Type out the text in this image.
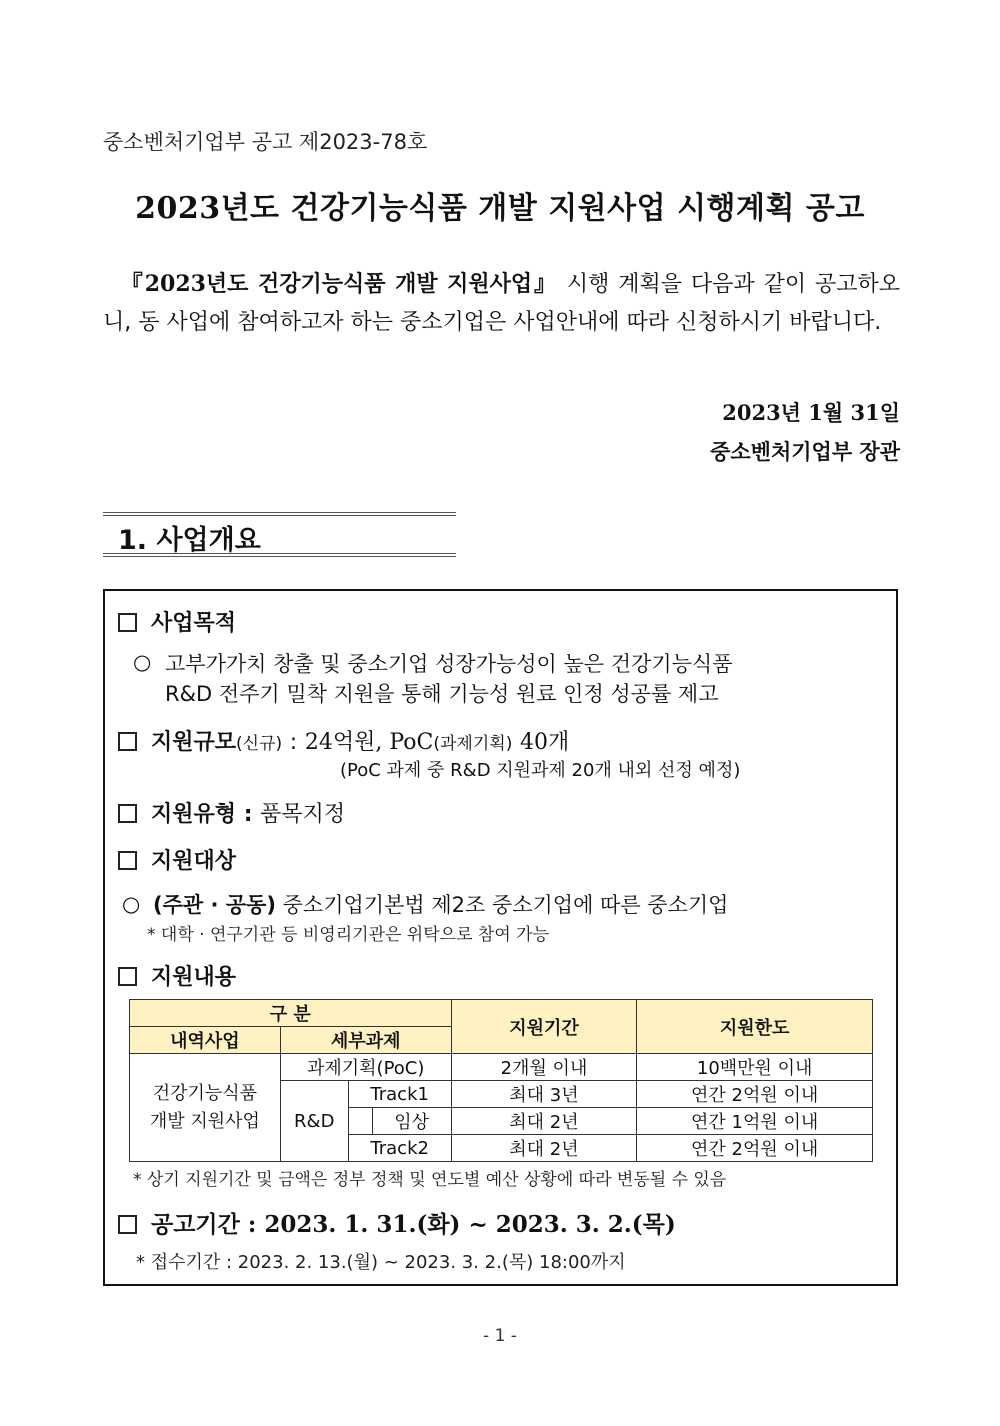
중소벤처기업부 공고 제2023-78호
2023년도 건강기능식품 개발 지원사업 시행계획 공고
『2023년도 건강기능식품 개발 지원사업』 시행 계획을 다음과 같이 공고하오니, 동 사업에 참여하고자 하는 중소기업은 사업안내에 따라 신청하시기 바랍니다.
2023년 1월 31일
중소벤처기업부 장관
1. 사업개요
사업목적
○ 고부가가치 창출 및 중소기업 성장가능성이 높은 건강기능식품
R&D 전주기 밀착 지원을 통해 기능성 원료 인정 성공률 제고
지원규모(신규) : 24억원, PoC(과제기획) 40개
(PoC 과제 중 R&D 지원과제 20개 내외 선정 예정)
지원유형 : 품목지정
지원대상
○ (주관 · 공동) 중소기업기본법 제2조 중소기업에 따른 중소기업
* 대학 · 연구기관 등 비영리기관은 위탁으로 참여 가능
지원내용
구 분				지원기간	지원한도
내역사업	세부과제				
건강기능식품
개발 지원사업	과제기획(PoC)			2개월 이내	10백만원 이내
	R&D	Track1		최대 3년	연간 2억원 이내
			임상	최대 2년	연간 1억원 이내
		Track2		최대 2년	연간 2억원 이내
* 상기 지원기간 및 금액은 정부 정책 및 연도별 예산 상황에 따라 변동될 수 있음
공고기간 : 2023. 1. 31.(화) ~ 2023. 3. 2.(목)
* 접수기간 : 2023. 2. 13.(월) ~ 2023. 3. 2.(목) 18:00까지
- 1 -
